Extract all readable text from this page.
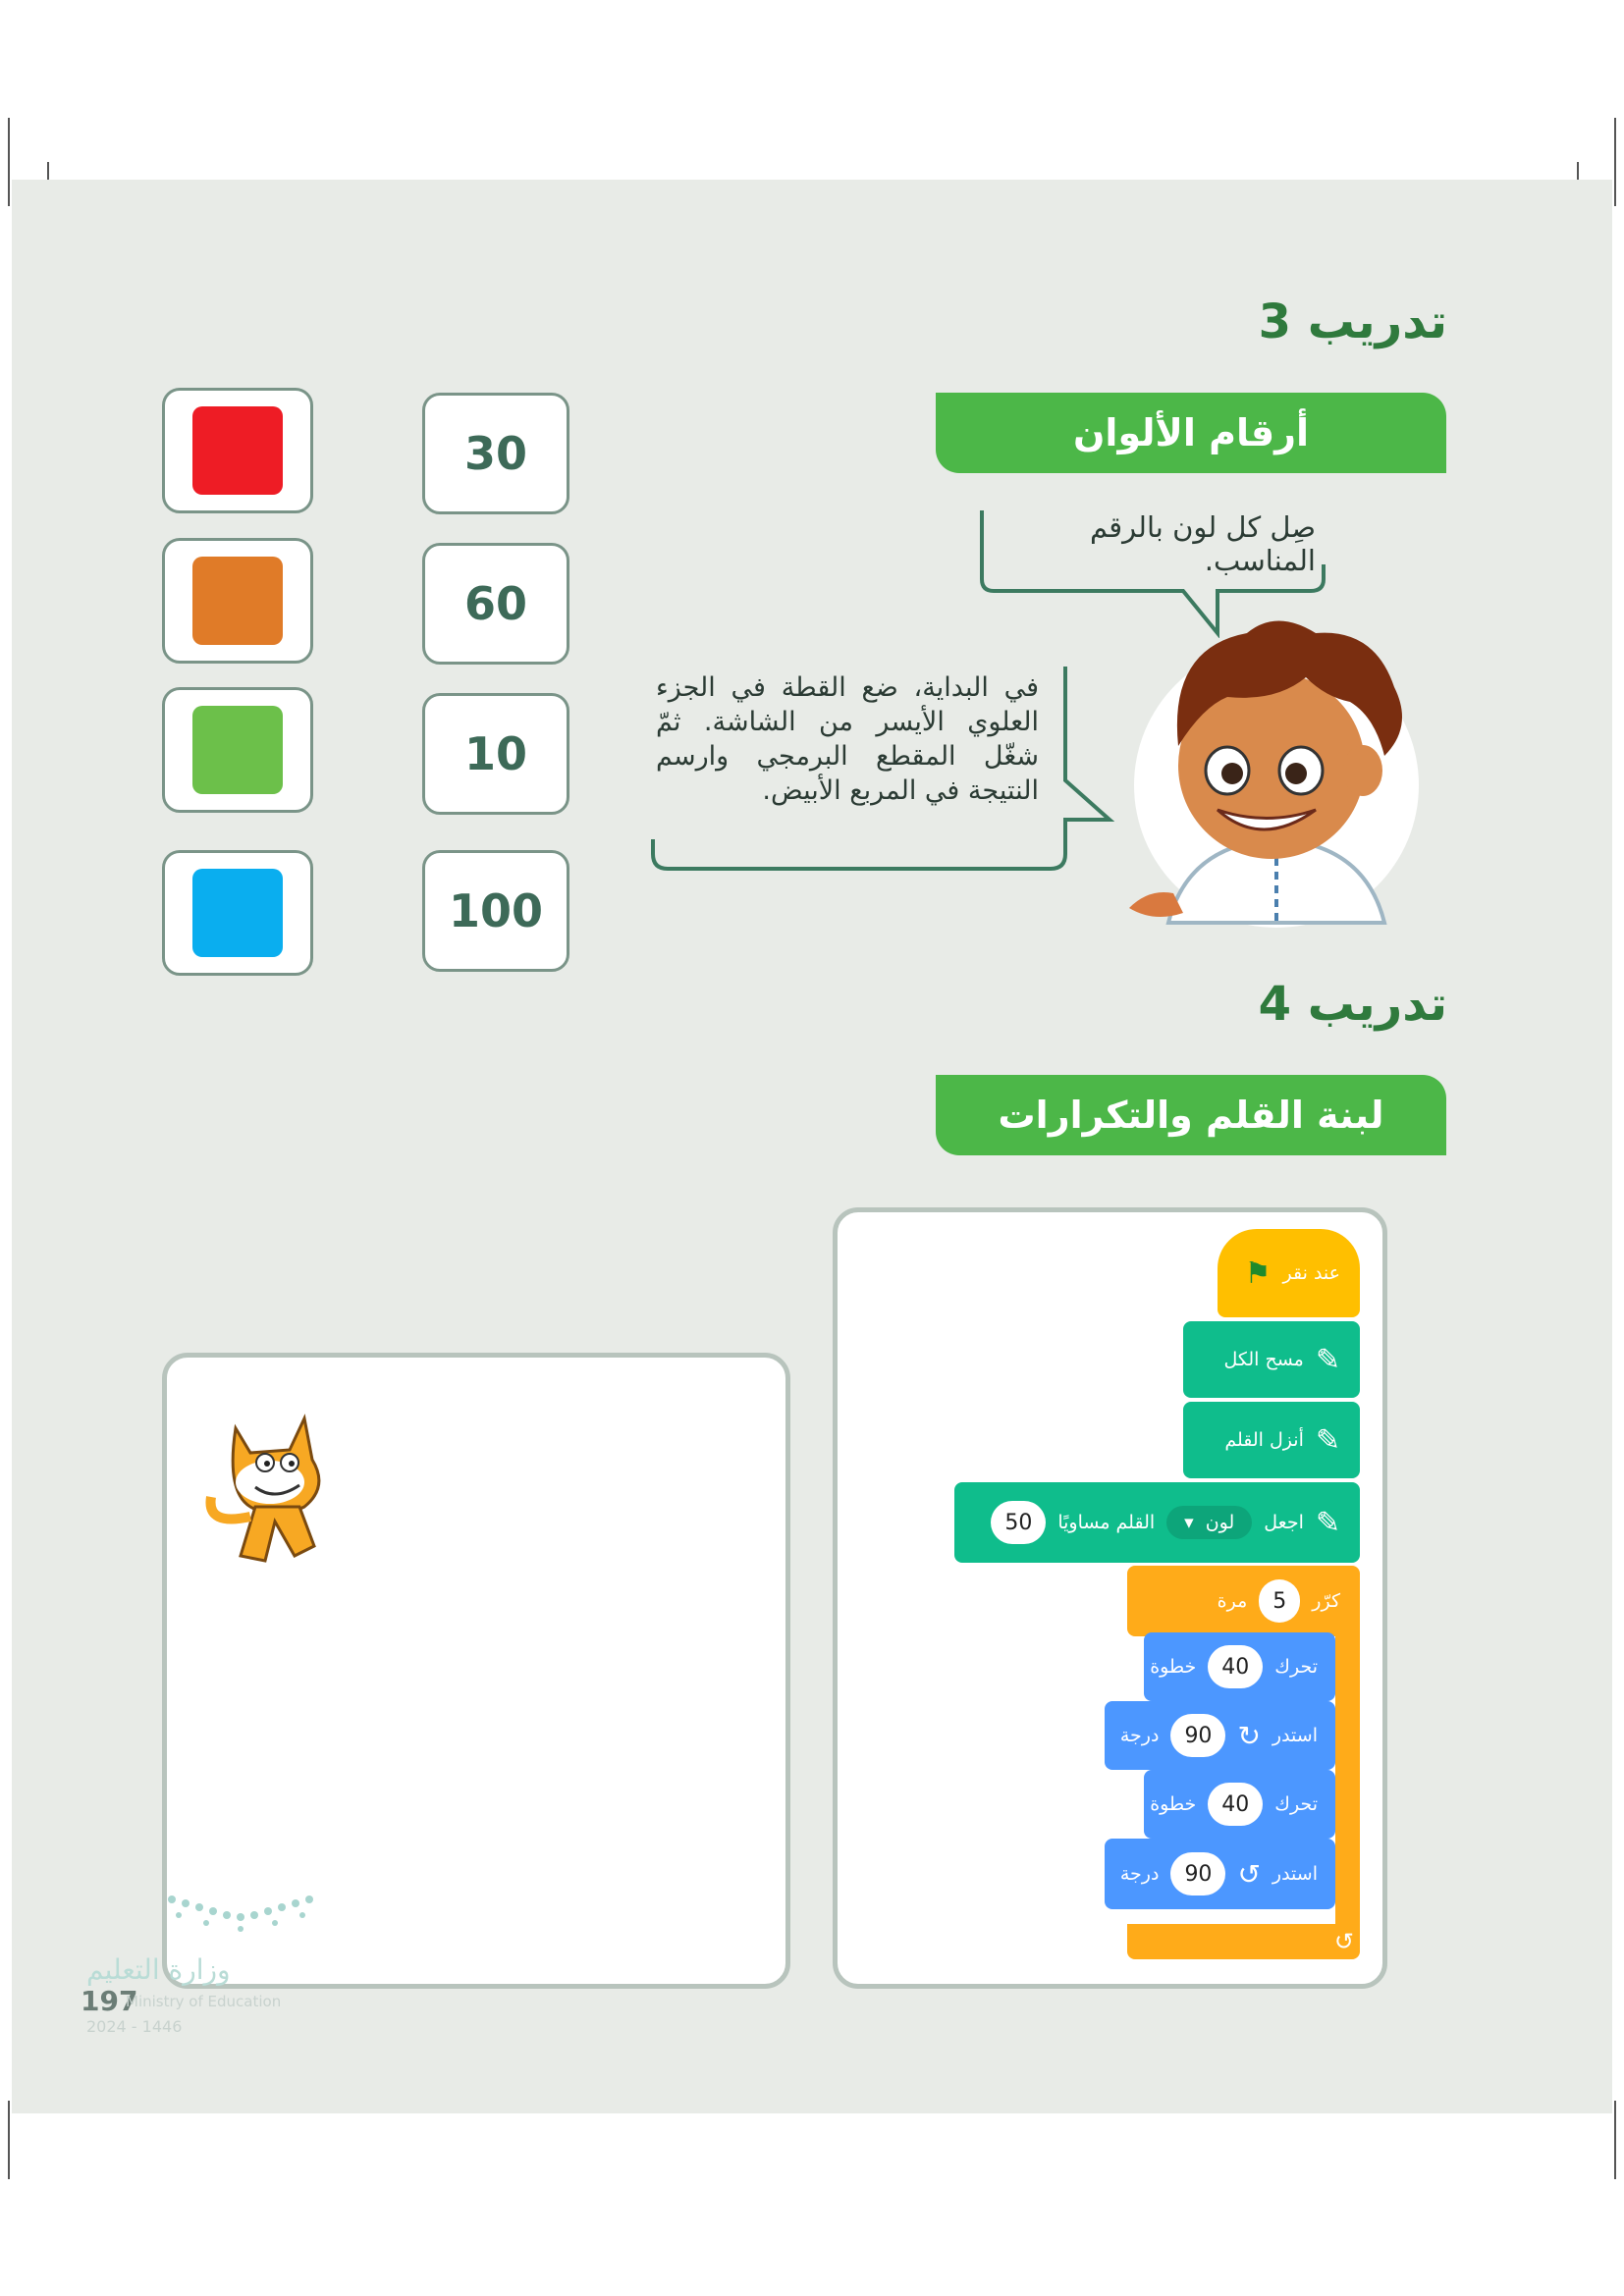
تدريب 3
أرقام الألوان
صِل كل لون بالرقم المناسب.
في البداية، ضع القطة في الجزء العلوي الأيسر من الشاشة. ثمّ شغّل المقطع البرمجي وارسم النتيجة في المربع الأبيض.
30
60
10
100
تدريب 4
لبنة القلم والتكرارات
عند نقر
⚑
✎
مسح الكل
✎
أنزل القلم
✎
اجعل
لون
▾
القلم مساويًا
50
كرّر
5
مرة
↺
تحرك
40
خطوة
استدر
↻
90
درجة
تحرك
40
خطوة
استدر
↺
90
درجة
وزارة التعليم
197
Ministry of Education
2024 - 1446
